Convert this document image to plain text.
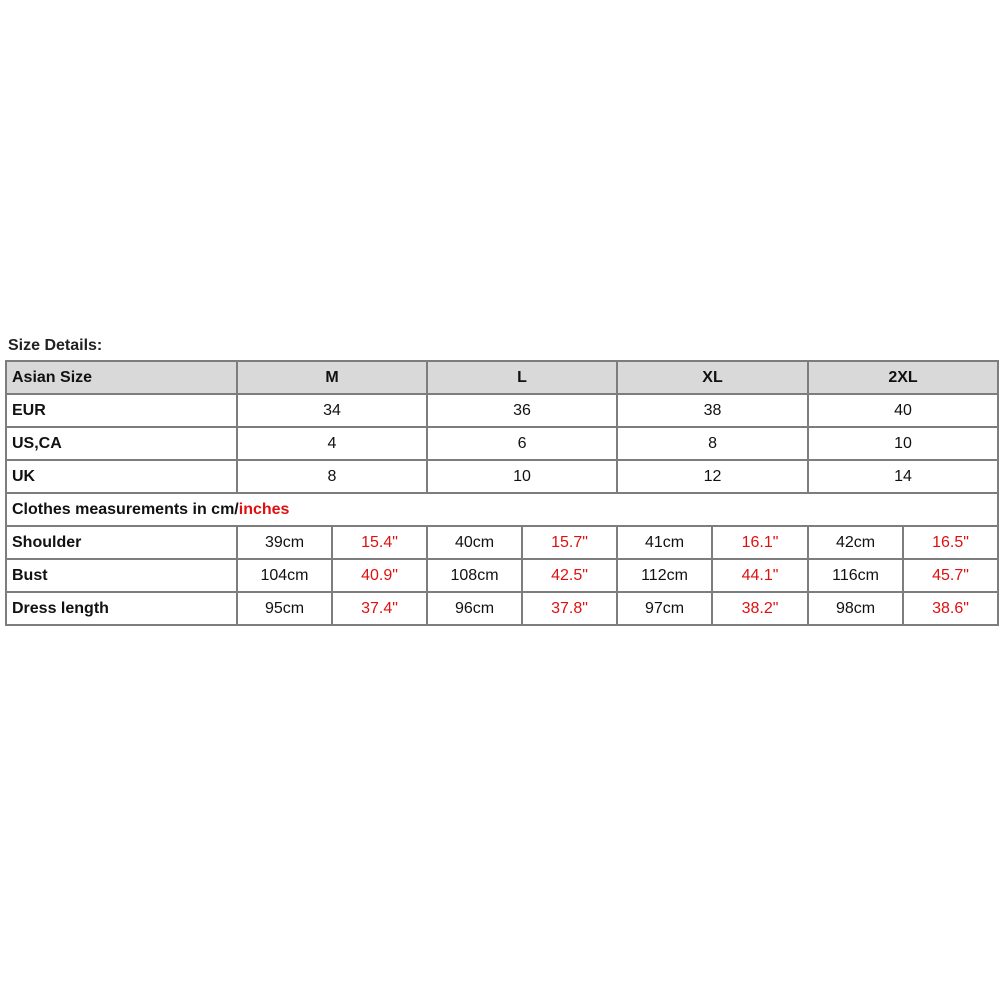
Size Details:
Asian Size	M		L		XL		2XL	
EUR	34		36		38		40	
US,CA	4		6		8		10	
UK	8		10		12		14	
Clothes measurements in cm/inches								
Shoulder	39cm	15.4"	40cm	15.7"	41cm	16.1"	42cm	16.5"
Bust	104cm	40.9"	108cm	42.5"	112cm	44.1"	116cm	45.7"
Dress length	95cm	37.4"	96cm	37.8"	97cm	38.2"	98cm	38.6"
